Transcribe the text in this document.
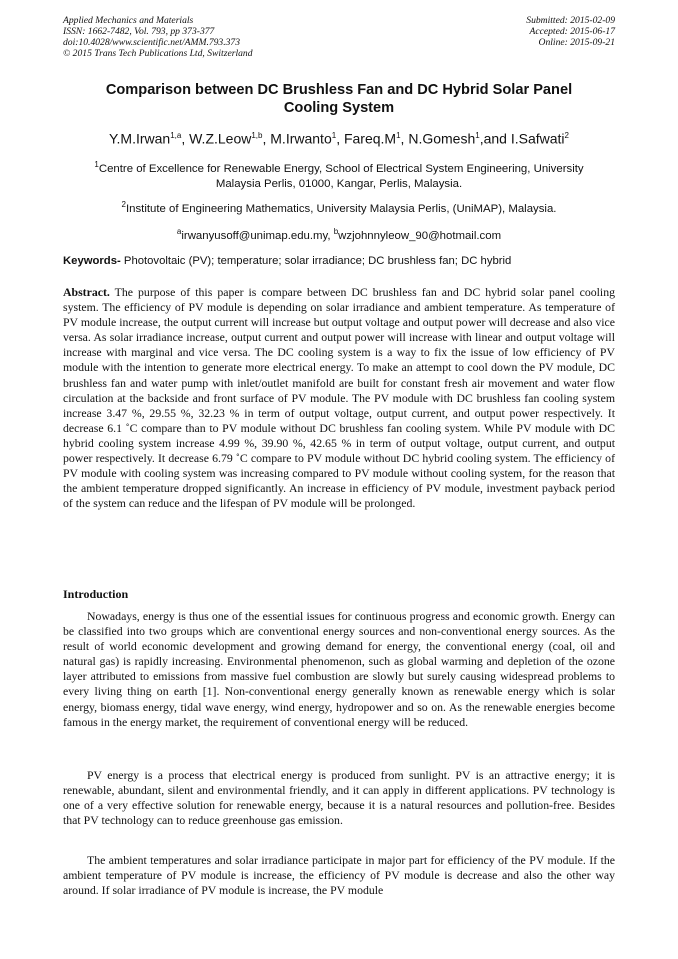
Applied Mechanics and Materials
ISSN: 1662-7482, Vol. 793, pp 373-377
doi:10.4028/www.scientific.net/AMM.793.373
© 2015 Trans Tech Publications Ltd, Switzerland
Submitted: 2015-02-09
Accepted: 2015-06-17
Online: 2015-09-21
Comparison between DC Brushless Fan and DC Hybrid Solar Panel
Cooling System
Y.M.Irwan$^{1,a}$, W.Z.Leow$^{1,b}$, M.Irwanto$^1$, $Fareq.M^1$, N.Gomesh$^1$,and I.Safwati$^2$
$^1$Centre of Excellence for Renewable Energy, School of Electrical System Engineering, University
Malaysia Perlis, 01000, Kangar, Perlis, Malaysia.
$^2$Institute of Engineering Mathematics, University Malaysia Perlis, (UniMAP), Malaysia.
$^a$irwanyusoff@unimap.edu.my, $^b$wzjohnnyleow_90@hotmail.com
Keywords- Photovoltaic (PV); temperature; solar irradiance; DC brushless fan; DC hybrid
Abstract. The purpose of this paper is compare between DC brushless fan and DC hybrid solar panel cooling system. The efficiency of PV module is depending on solar irradiance and ambient temperature. As temperature of PV module increase, the output current will increase but output voltage and output power will decrease and also vice versa. As solar irradiance increase, output current and output power will increase with linear and output voltage will increase with marginal and vice versa. The DC cooling system is a way to fix the issue of low efficiency of PV module with the intention to generate more electrical energy. To make an attempt to cool down the PV module, DC brushless fan and water pump with inlet/outlet manifold are built for constant fresh air movement and water flow circulation at the backside and front surface of PV module. The PV module with DC brushless fan cooling system increase 3.47 %, 29.55 %, 32.23 % in term of output voltage, output current, and output power respectively. It decrease 6.1 ˚C compare than to PV module without DC brushless fan cooling system. While PV module with DC hybrid cooling system increase 4.99 %, 39.90 %, 42.65 % in term of output voltage, output current, and output power respectively. It decrease 6.79 ˚C compare to PV module without DC hybrid cooling system. The efficiency of PV module with cooling system was increasing compared to PV module without cooling system, for the reason that the ambient temperature dropped significantly. An increase in efficiency of PV module, investment payback period of the system can reduce and the lifespan of PV module will be prolonged.
Introduction
Nowadays, energy is thus one of the essential issues for continuous progress and economic growth. Energy can be classified into two groups which are conventional energy sources and non-conventional energy sources. As the result of world economic development and growing demand for energy, the conventional energy (coal, oil and natural gas) is rapidly increasing. Environmental phenomenon, such as global warming and depletion of the ozone layer attributed to emissions from massive fuel combustion are slowly but surely causing widespread problems to every living thing on earth [1]. Non-conventional energy generally known as renewable energy which is solar energy, biomass energy, tidal wave energy, wind energy, hydropower and so on. As the renewable energies become famous in the energy market, the requirement of conventional energy will be reduced.
PV energy is a process that electrical energy is produced from sunlight. PV is an attractive energy; it is renewable, abundant, silent and environmental friendly, and it can apply in different applications. PV technology is one of a very effective solution for renewable energy, because it is a natural resources and pollution-free. Besides that PV technology can to reduce greenhouse gas emission.
The ambient temperatures and solar irradiance participate in major part for efficiency of the PV module. If the ambient temperature of PV module is increase, the efficiency of PV module is decrease and also the other way around. If solar irradiance of PV module is increase, the PV module
